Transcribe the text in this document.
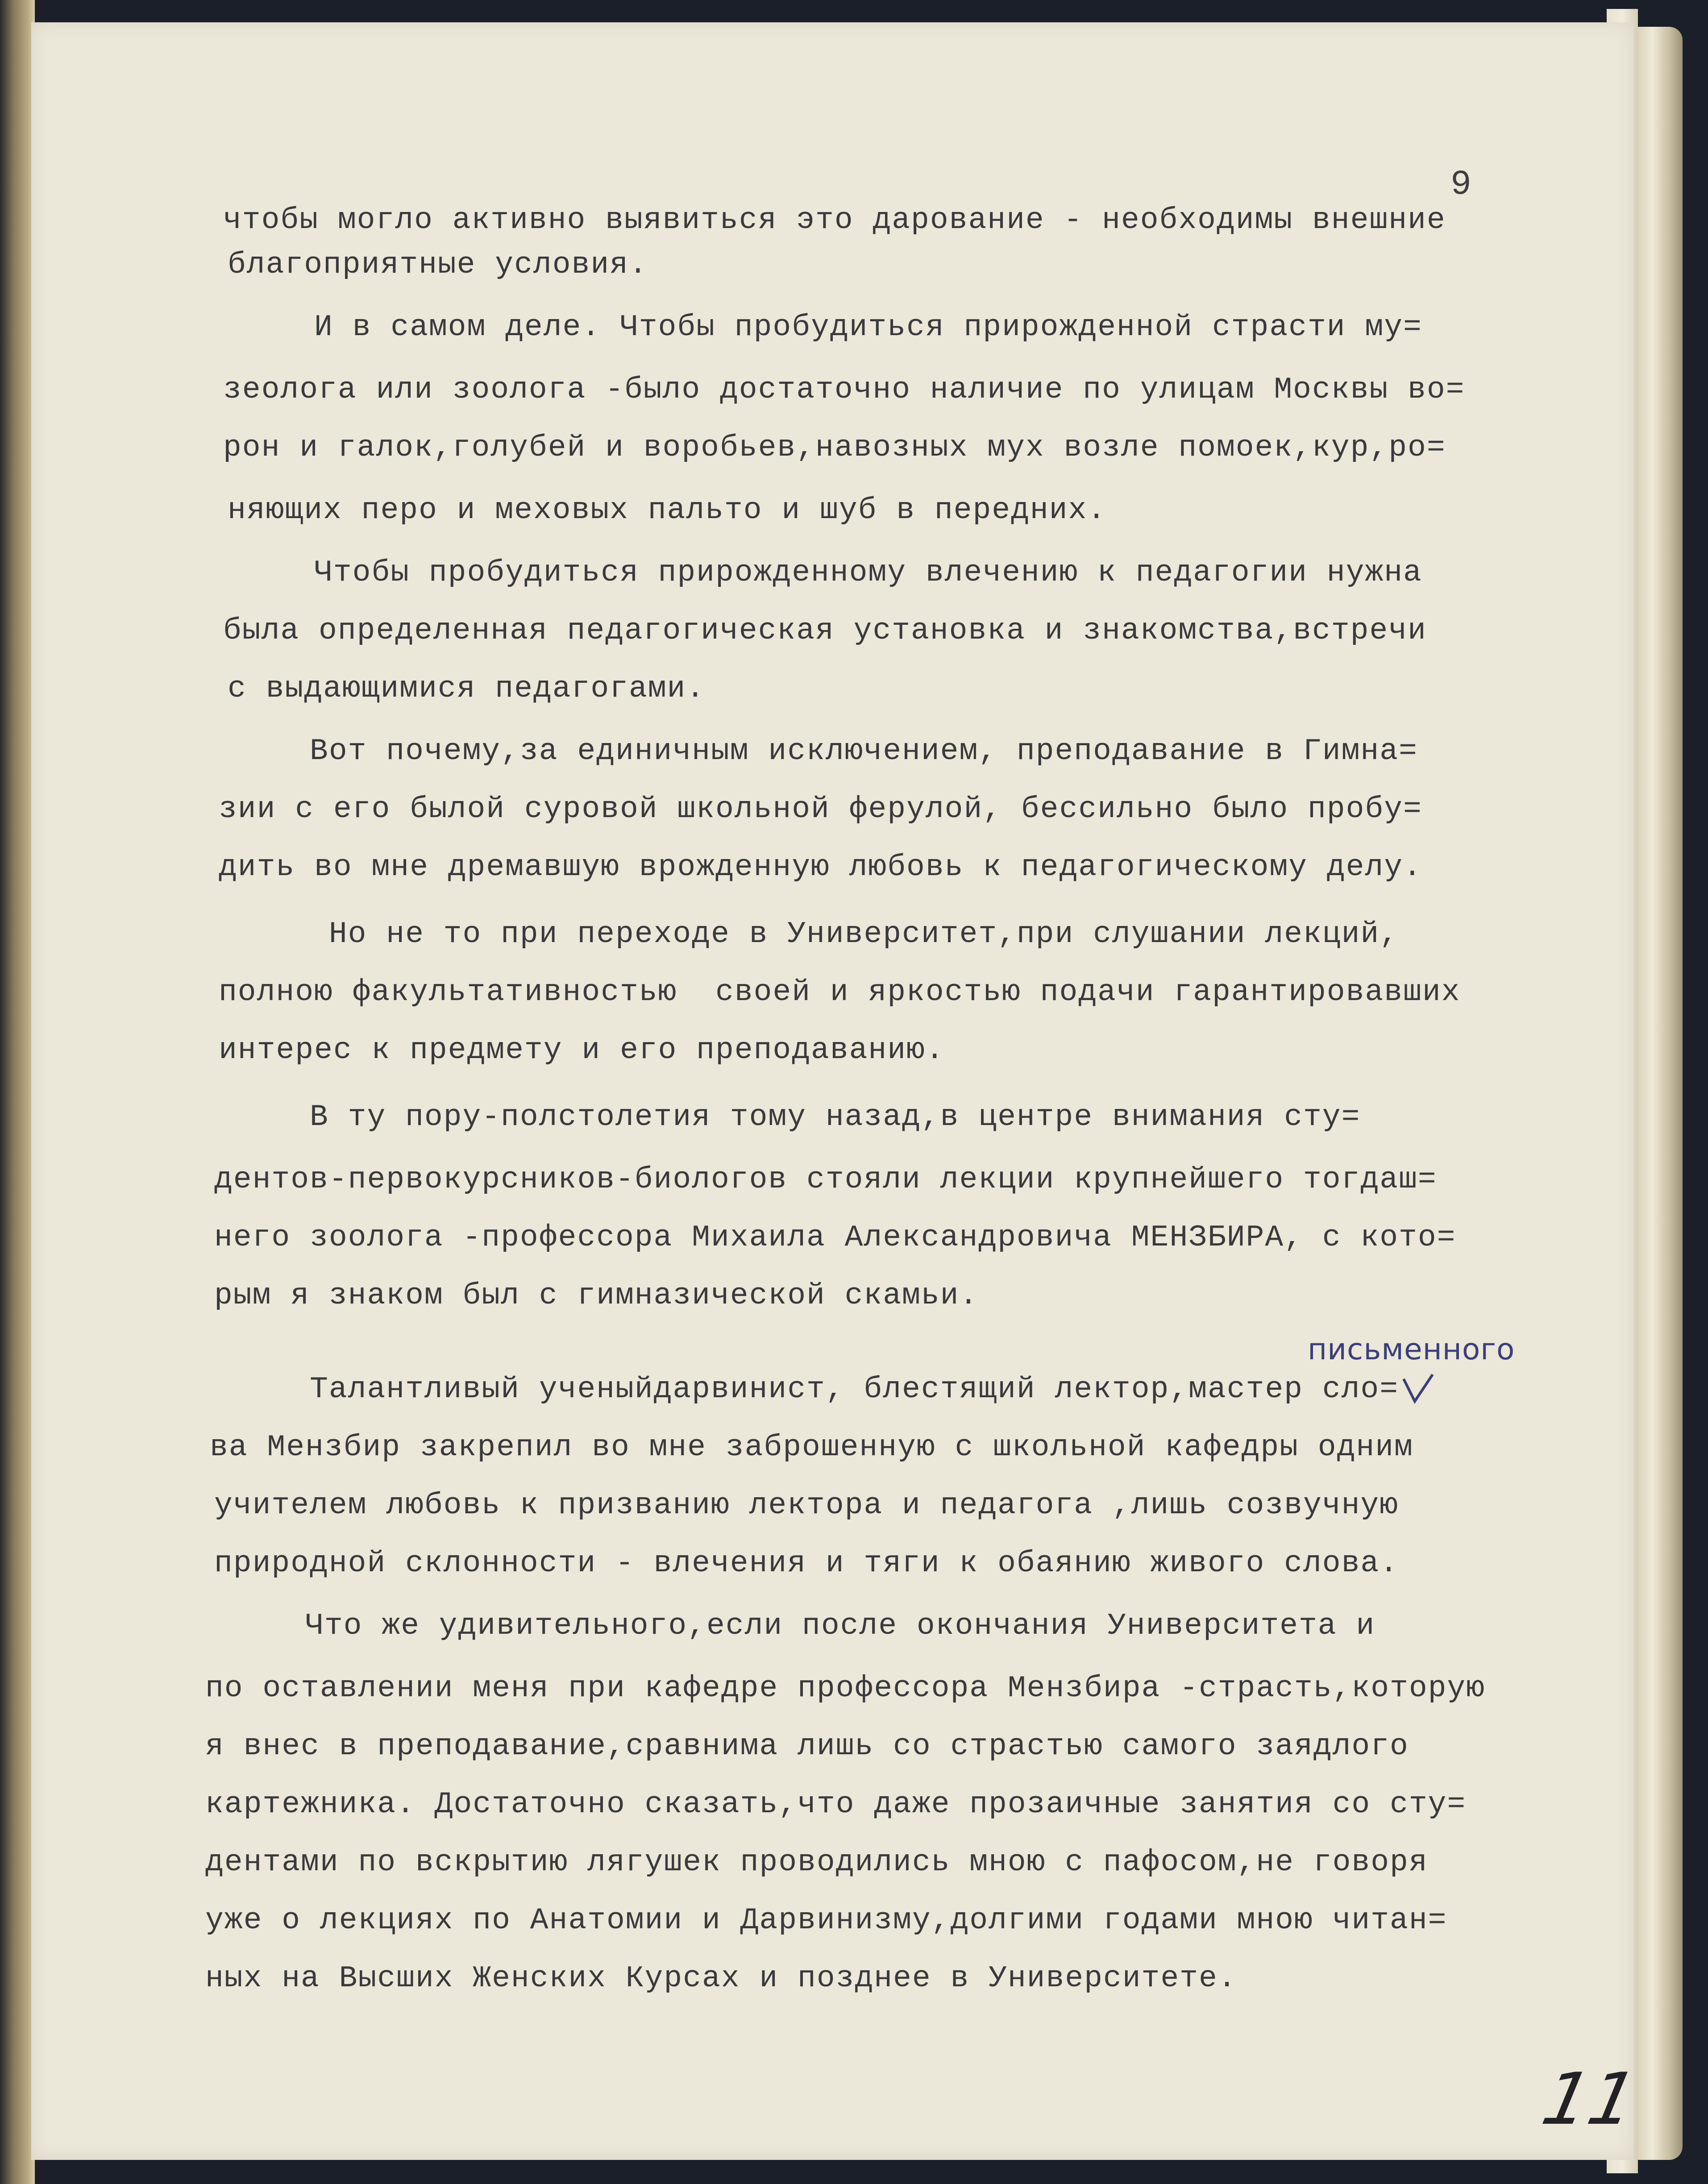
9
чтобы могло активно выявиться это дарование - необходимы внешние
благоприятные условия.
И в самом деле. Чтобы пробудиться прирожденной страсти му=
зеолога или зоолога -было достаточно наличие по улицам Москвы во=
рон и галок,голубей и воробьев,навозных мух возле помоек,кур,ро=
няющих перо и меховых пальто и шуб в передних.
Чтобы пробудиться прирожденному влечению к педагогии нужна
была определенная педагогическая установка и знакомства,встречи
с выдающимися педагогами.
Вот почему,за единичным исключением, преподавание в Гимна=
зии с его былой суровой школьной ферулой, бессильно было пробу=
дить во мне дремавшую врожденную любовь к педагогическому делу.
Но не то при переходе в Университет,при слушании лекций,
полною факультативностью  своей и яркостью подачи гарантировавших
интерес к предмету и его преподаванию.
В ту пору-полстолетия тому назад,в центре внимания сту=
дентов-первокурсников-биологов стояли лекции крупнейшего тогдаш=
него зоолога -профессора Михаила Александровича МЕНЗБИРА, с кото=
рым я знаком был с гимназической скамьи.
письменного
Талантливый ученыйдарвинист, блестящий лектор,мастер сло=
ва Мензбир закрепил во мне заброшенную с школьной кафедры одним
учителем любовь к призванию лектора и педагога ,лишь созвучную
природной склонности - влечения и тяги к обаянию живого слова.
Что же удивительного,если после окончания Университета и
по оставлении меня при кафедре профессора Мензбира -страсть,которую
я внес в преподавание,сравнима лишь со страстью самого заядлого
картежника. Достаточно сказать,что даже прозаичные занятия со сту=
дентами по вскрытию лягушек проводились мною с пафосом,не говоря
уже о лекциях по Анатомии и Дарвинизму,долгими годами мною читан=
ных на Высших Женских Курсах и позднее в Университете.
11
